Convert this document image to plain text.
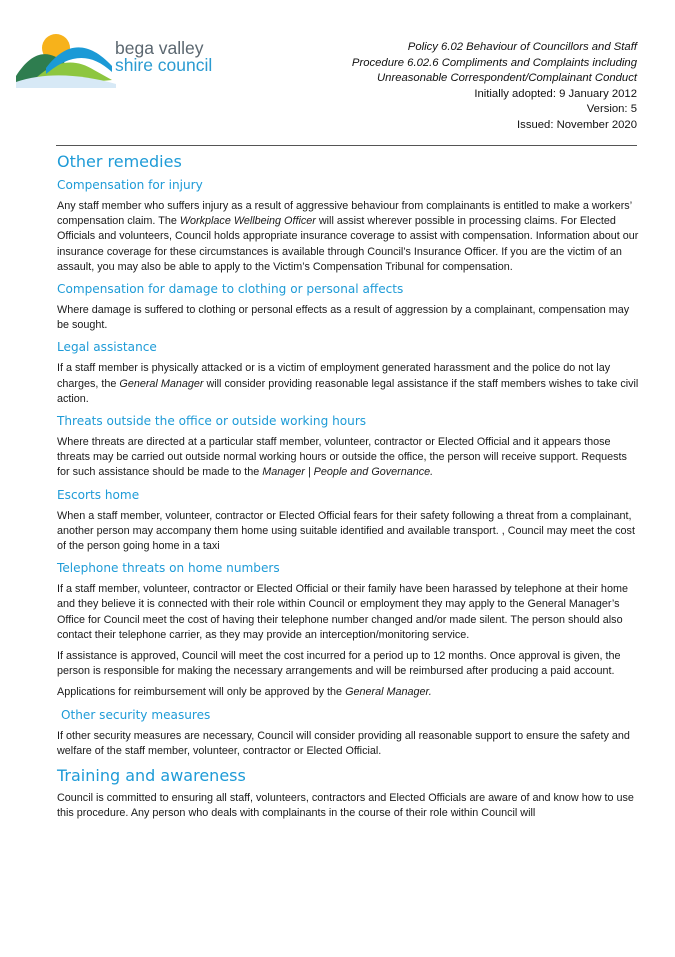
bega valley
shire council
Policy 6.02 Behaviour of Councillors and Staff
Procedure 6.02.6 Compliments and Complaints including
Unreasonable Correspondent/Complainant Conduct
Initially adopted: 9 January 2012
Version: 5
Issued: November 2020
Other remedies
Compensation for injury

Any staff member who suffers injury as a result of aggressive behaviour from complainants is entitled to make a workers’ compensation claim. The Workplace Wellbeing Officer will assist wherever possible in processing claims. For Elected Officials and volunteers, Council holds appropriate insurance coverage to assist with compensation. Information about our insurance coverage for these circumstances is available through Council’s Insurance Officer. If you are the victim of an assault, you may also be able to apply to the Victim’s Compensation Tribunal for compensation.

Compensation for damage to clothing or personal affects

Where damage is suffered to clothing or personal effects as a result of aggression by a complainant, compensation may be sought.

Legal assistance

If a staff member is physically attacked or is a victim of employment generated harassment and the police do not lay charges, the General Manager will consider providing reasonable legal assistance if the staff members wishes to take civil action.

Threats outside the office or outside working hours

Where threats are directed at a particular staff member, volunteer, contractor or Elected Official and it appears those threats may be carried out outside normal working hours or outside the office, the person will receive support. Requests for such assistance should be made to the Manager | People and Governance.

Escorts home

When a staff member, volunteer, contractor or Elected Official fears for their safety following a threat from a complainant, another person may accompany them home using suitable identified and available transport. , Council may meet the cost of the person going home in a taxi

Telephone threats on home numbers

If a staff member, volunteer, contractor or Elected Official or their family have been harassed by telephone at their home and they believe it is connected with their role within Council or employment they may apply to the General Manager’s Office for Council meet the cost of having their telephone number changed and/or made silent. The person should also contact their telephone carrier, as they may provide an interception/monitoring service.

If assistance is approved, Council will meet the cost incurred for a period up to 12 months. Once approval is given, the person is responsible for making the necessary arrangements and will be reimbursed after producing a paid account.

Applications for reimbursement will only be approved by the General Manager.

Other security measures

If other security measures are necessary, Council will consider providing all reasonable support to ensure the safety and welfare of the staff member, volunteer, contractor or Elected Official.

Training and awareness

Council is committed to ensuring all staff, volunteers, contractors and Elected Officials are aware of and know how to use this procedure. Any person who deals with complainants in the course of their role within Council will
